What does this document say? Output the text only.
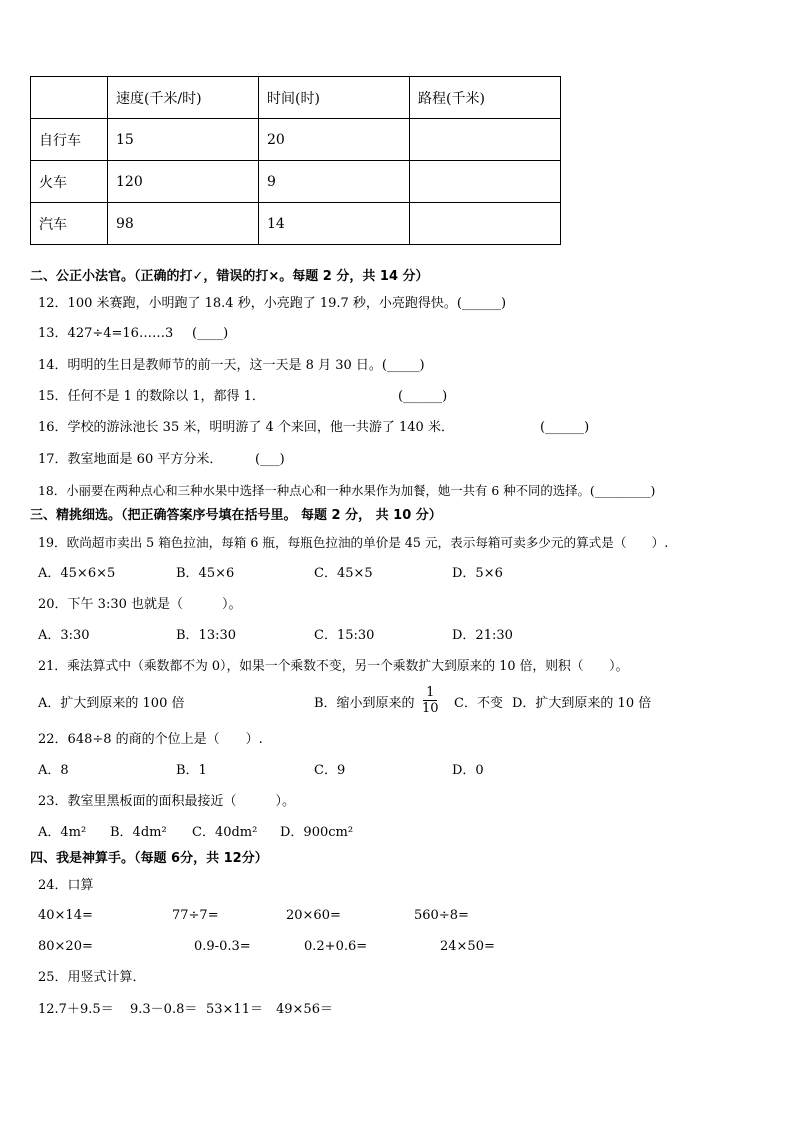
	速度(千米/时)	时间(时)	路程(千米)
自行车	15	20	
火车	120	9	
汽车	98	14	
二、公正小法官。（正确的打✓，错误的打×。每题 2 分，共 14 分）
12．100 米赛跑，小明跑了 18.4 秒，小亮跑了 19.7 秒，小亮跑得快。(______)
13．427÷4=16……3 (____)
14．明明的生日是教师节的前一天，这一天是 8 月 30 日。(_____)
15．任何不是 1 的数除以 1，都得 1．	(______)
16．学校的游泳池长 35 米，明明游了 4 个来回，他一共游了 140 米．	(______)
17．教室地面是 60 平方分米．	(___)
18．小丽要在两种点心和三种水果中选择一种点心和一种水果作为加餐，她一共有 6 种不同的选择。(_________)
三、精挑细选。（把正确答案序号填在括号里。 每题 2 分， 共 10 分）
19．欧尚超市卖出 5 箱色拉油，每箱 6 瓶，每瓶色拉油的单价是 45 元，表示每箱可卖多少元的算式是（　　）.
A．45×6×5	B．45×6	C．45×5	D．5×6
20．下午 3:30 也就是（　　　）。
A．3:30	B．13:30	C．15:30	D．21:30
21．乘法算式中（乘数都不为 0），如果一个乘数不变，另一个乘数扩大到原来的 10 倍，则积（　　）。
A．扩大到原来的 100 倍	B．缩小到原来的
1
10 C．不变 D．扩大到原来的 10 倍
22．648÷8 的商的个位上是（　　）.
A．8	B．1	C．9	D．0
23．教室里黑板面的面积最接近（　　　）。
A．4m² B．4dm² C．40dm² D．900cm²
四、我是神算手。（每题 6分，共 12分）
24．口算
40×14=	77÷7=	20×60=	560÷8=
80×20=	0.9-0.3=	0.2+0.6=	24×50=
25．用竖式计算．
12.7＋9.5＝ 9.3－0.8＝ 53×11＝ 49×56＝
